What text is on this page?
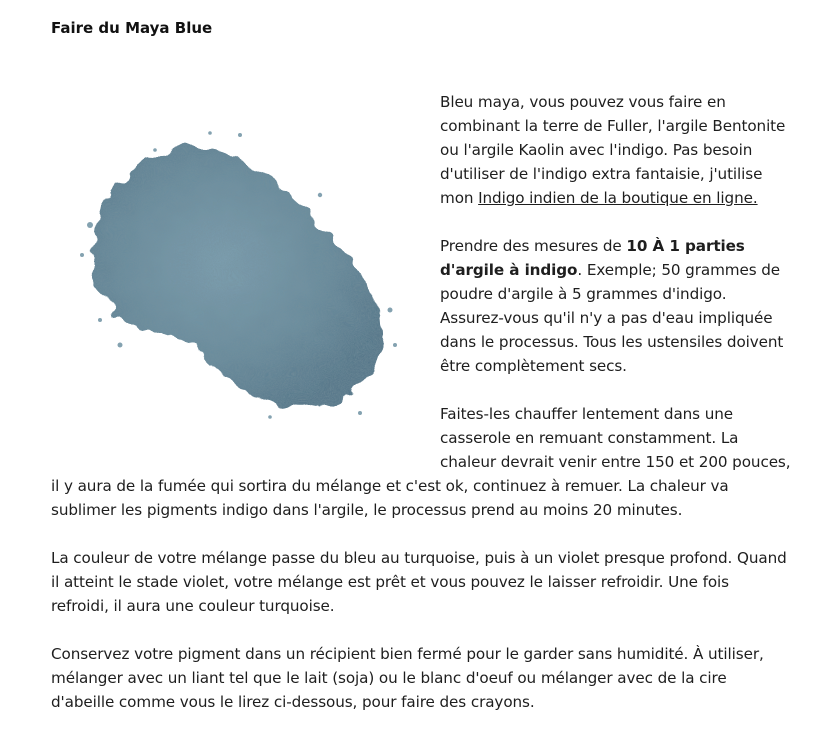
Faire du Maya Blue

Bleu maya, vous pouvez vous faire en combinant la terre de Fuller, l'argile Bentonite ou l'argile Kaolin avec l'indigo. Pas besoin d'utiliser de l'indigo extra fantaisie, j'utilise mon Indigo indien de la boutique en ligne.

Prendre des mesures de 10 À 1 parties d'argile à indigo. Exemple; 50 grammes de poudre d'argile à 5 grammes d'indigo. Assurez-vous qu'il n'y a pas d'eau impliquée dans le processus. Tous les ustensiles doivent être complètement secs.

Faites-les chauffer lentement dans une casserole en remuant constamment. La chaleur devrait venir entre 150 et 200 pouces, il y aura de la fumée qui sortira du mélange et c'est ok, continuez à remuer. La chaleur va sublimer les pigments indigo dans l'argile, le processus prend au moins 20 minutes.

La couleur de votre mélange passe du bleu au turquoise, puis à un violet presque profond. Quand il atteint le stade violet, votre mélange est prêt et vous pouvez le laisser refroidir. Une fois refroidi, il aura une couleur turquoise.

Conservez votre pigment dans un récipient bien fermé pour le garder sans humidité. À utiliser, mélanger avec un liant tel que le lait (soja) ou le blanc d'oeuf ou mélanger avec de la cire d'abeille comme vous le lirez ci-dessous, pour faire des crayons.
